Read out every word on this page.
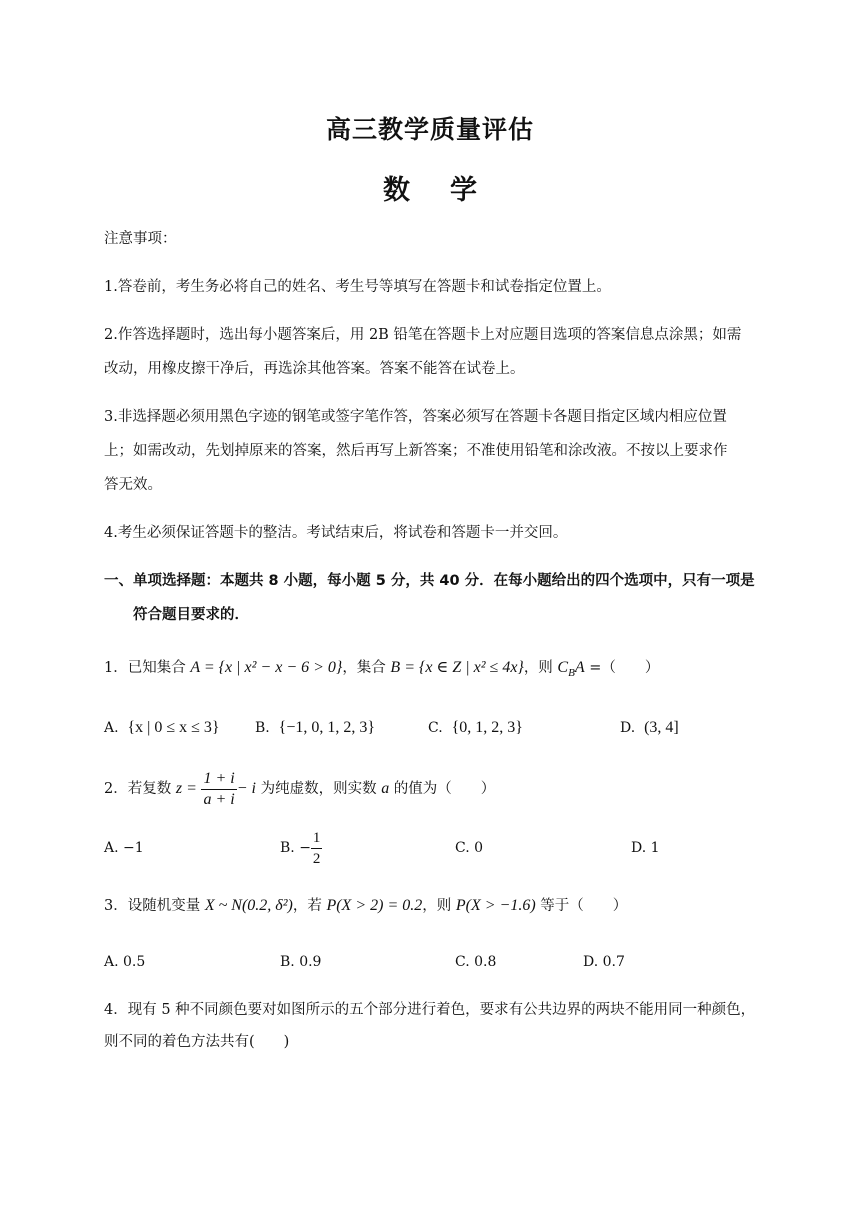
高三教学质量评估
数学
注意事项：
1.答卷前，考生务必将自己的姓名、考生号等填写在答题卡和试卷指定位置上。
2.作答选择题时，选出每小题答案后，用 2B 铅笔在答题卡上对应题目选项的答案信息点涂黑；如需
改动，用橡皮擦干净后，再选涂其他答案。答案不能答在试卷上。
3.非选择题必须用黑色字迹的钢笔或签字笔作答，答案必须写在答题卡各题目指定区域内相应位置
上；如需改动，先划掉原来的答案，然后再写上新答案；不准使用铅笔和涂改液。不按以上要求作
答无效。
4.考生必须保证答题卡的整洁。考试结束后，将试卷和答题卡一并交回。
一、单项选择题：本题共 8 小题，每小题 5 分，共 40 分．在每小题给出的四个选项中，只有一项是
符合题目要求的．
1．已知集合 A = {x | x² − x − 6 > 0}，集合 B = {x ∈ Z | x² ≤ 4x}，则 $C_BA$ =（　　）
A. {x | 0 ≤ x ≤ 3}	B. {−1, 0, 1, 2, 3}	C. {0, 1, 2, 3}	D. (3, 4]
2．若复数 $z = \frac{1 + i}{a + i} - i$ 为纯虚数，则实数 a 的值为（　　）
A. −1	B. − $\frac{1}{2}$	C. 0	D. 1
3．设随机变量 X ~ N(0.2, δ²)，若 P(X > 2) = 0.2，则 P(X > −1.6) 等于（　　）
A. 0.5	B. 0.9	C. 0.8	D. 0.7
4．现有 5 种不同颜色要对如图所示的五个部分进行着色，要求有公共边界的两块不能用同一种颜色，
则不同的着色方法共有(　　)
